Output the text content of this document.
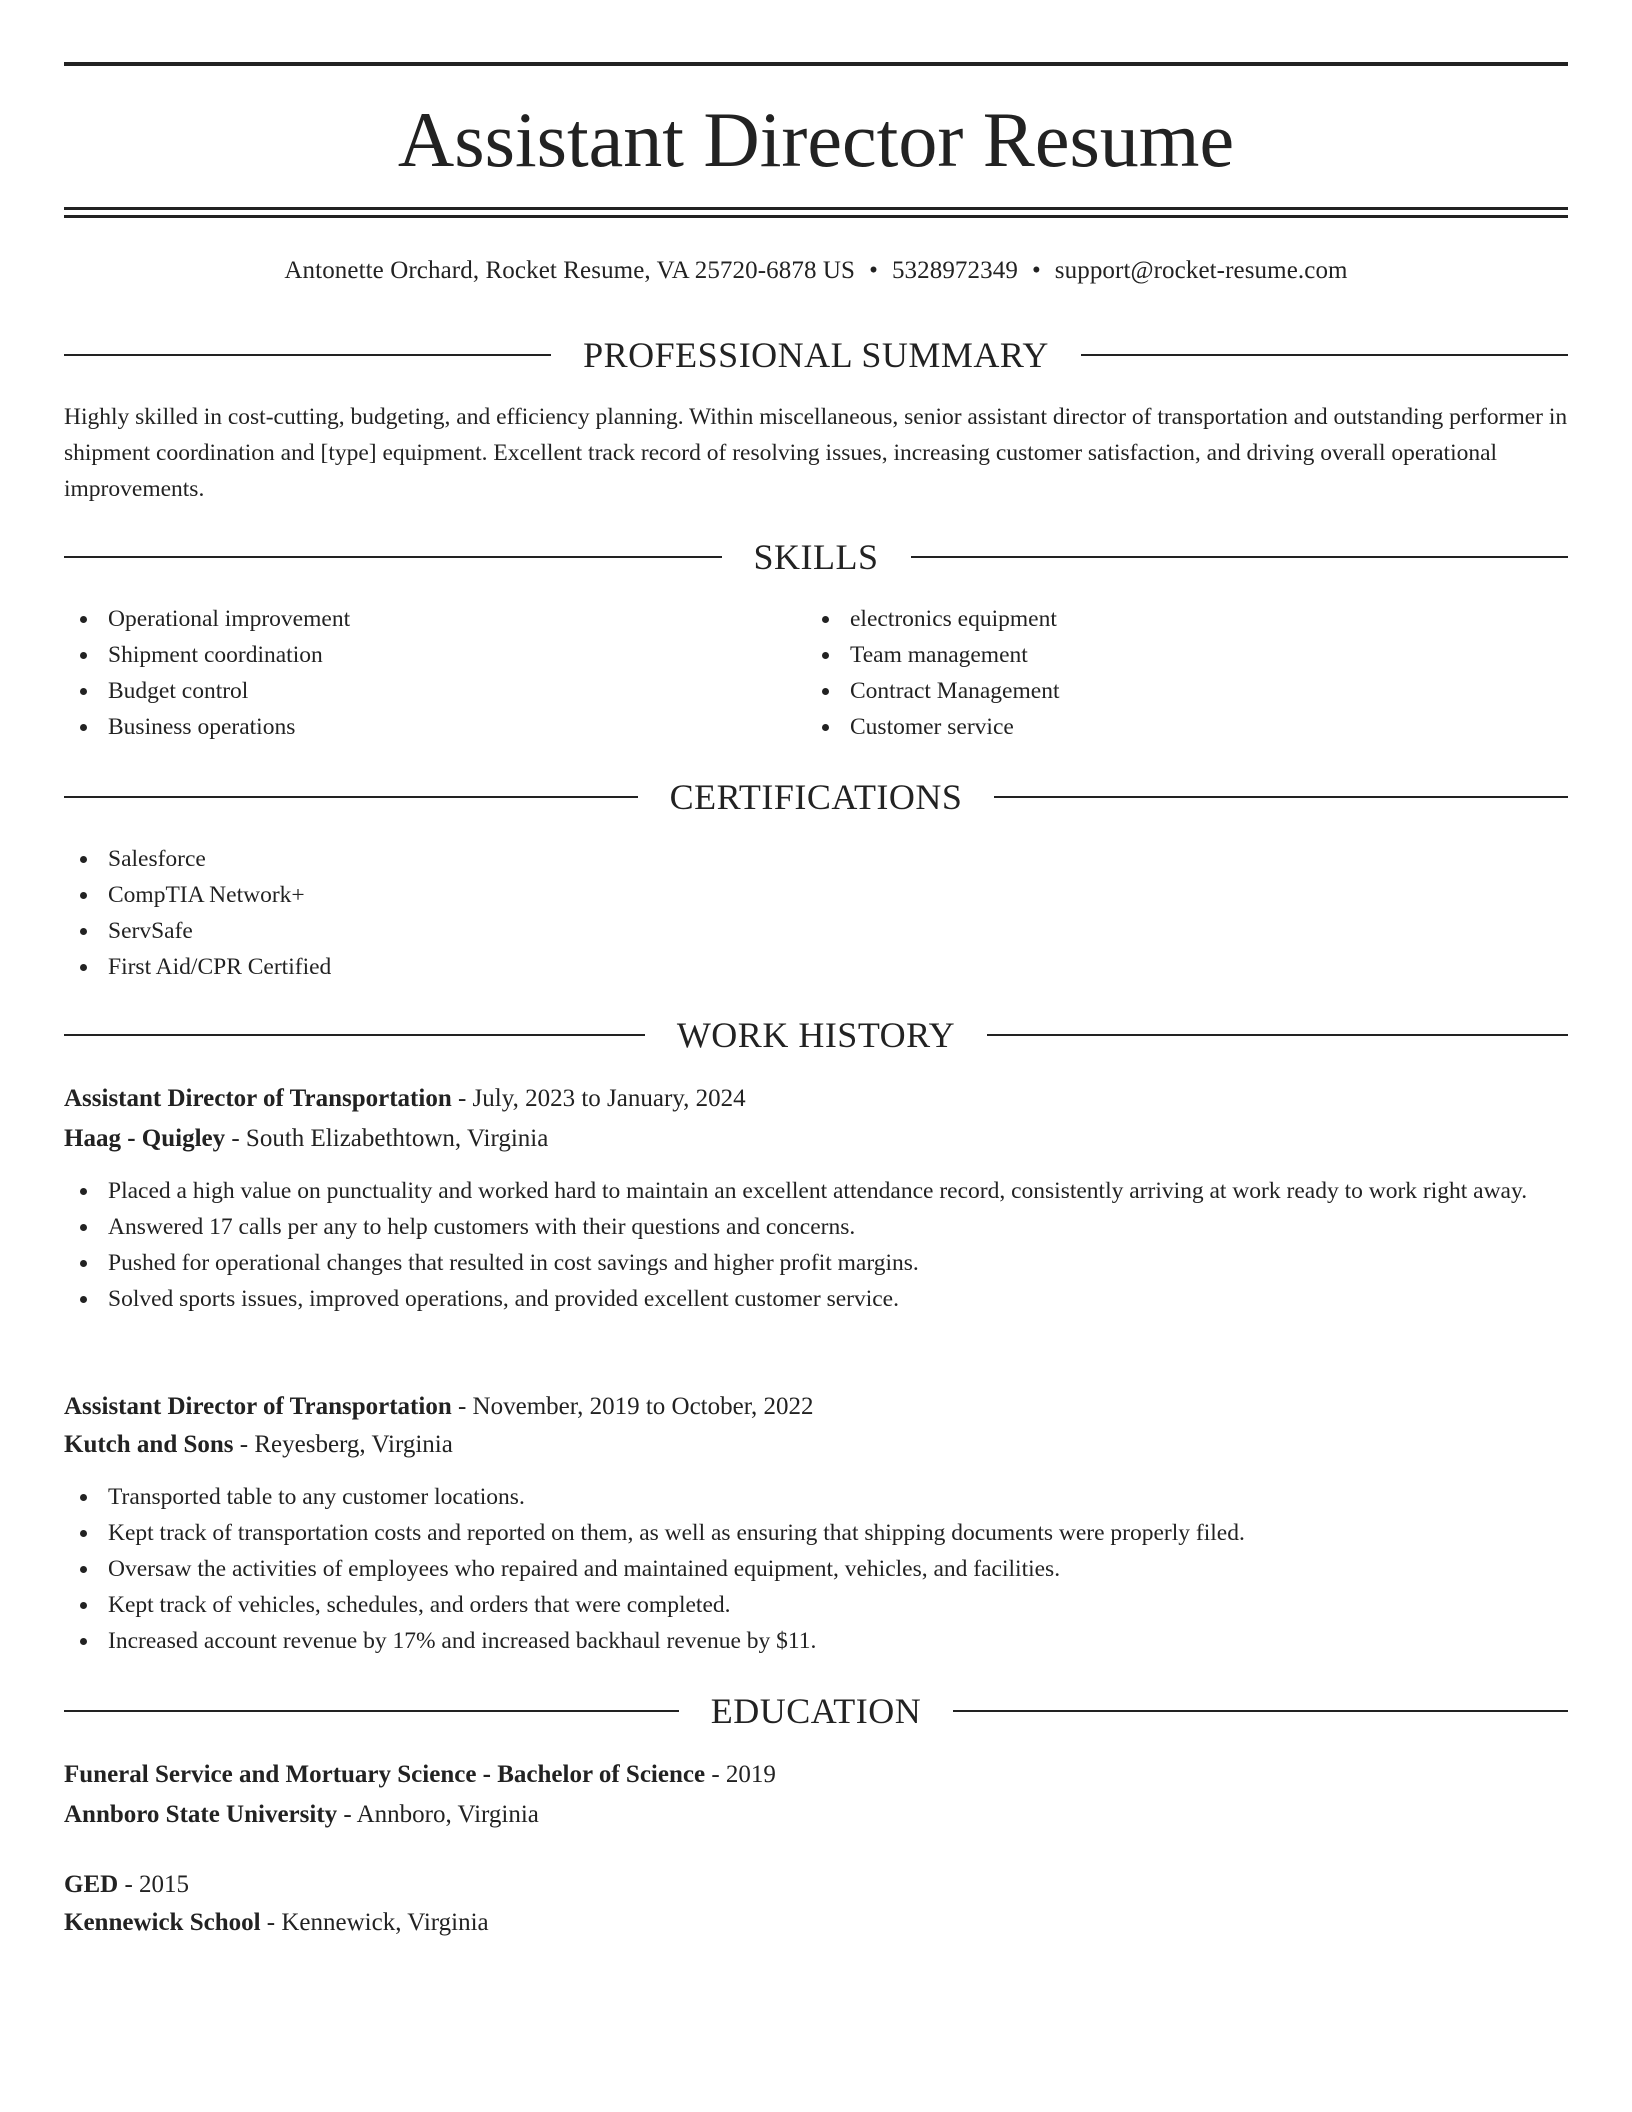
Assistant Director Resume
Antonette Orchard, Rocket Resume, VA 25720-6878 US • 5328972349 • support@rocket-resume.com
PROFESSIONAL SUMMARY
Highly skilled in cost-cutting, budgeting, and efficiency planning. Within miscellaneous, senior assistant director of transportation and outstanding performer in shipment coordination and [type] equipment. Excellent track record of resolving issues, increasing customer satisfaction, and driving overall operational improvements.
SKILLS
Operational improvement
Shipment coordination
Budget control
Business operations
electronics equipment
Team management
Contract Management
Customer service
CERTIFICATIONS
Salesforce
CompTIA Network+
ServSafe
First Aid/CPR Certified
WORK HISTORY
Assistant Director of Transportation - July, 2023 to January, 2024
Haag - Quigley - South Elizabethtown, Virginia
Placed a high value on punctuality and worked hard to maintain an excellent attendance record, consistently arriving at work ready to work right away.
Answered 17 calls per any to help customers with their questions and concerns.
Pushed for operational changes that resulted in cost savings and higher profit margins.
Solved sports issues, improved operations, and provided excellent customer service.
Assistant Director of Transportation - November, 2019 to October, 2022
Kutch and Sons - Reyesberg, Virginia
Transported table to any customer locations.
Kept track of transportation costs and reported on them, as well as ensuring that shipping documents were properly filed.
Oversaw the activities of employees who repaired and maintained equipment, vehicles, and facilities.
Kept track of vehicles, schedules, and orders that were completed.
Increased account revenue by 17% and increased backhaul revenue by $11.
EDUCATION
Funeral Service and Mortuary Science - Bachelor of Science - 2019
Annboro State University - Annboro, Virginia
GED - 2015
Kennewick School - Kennewick, Virginia
